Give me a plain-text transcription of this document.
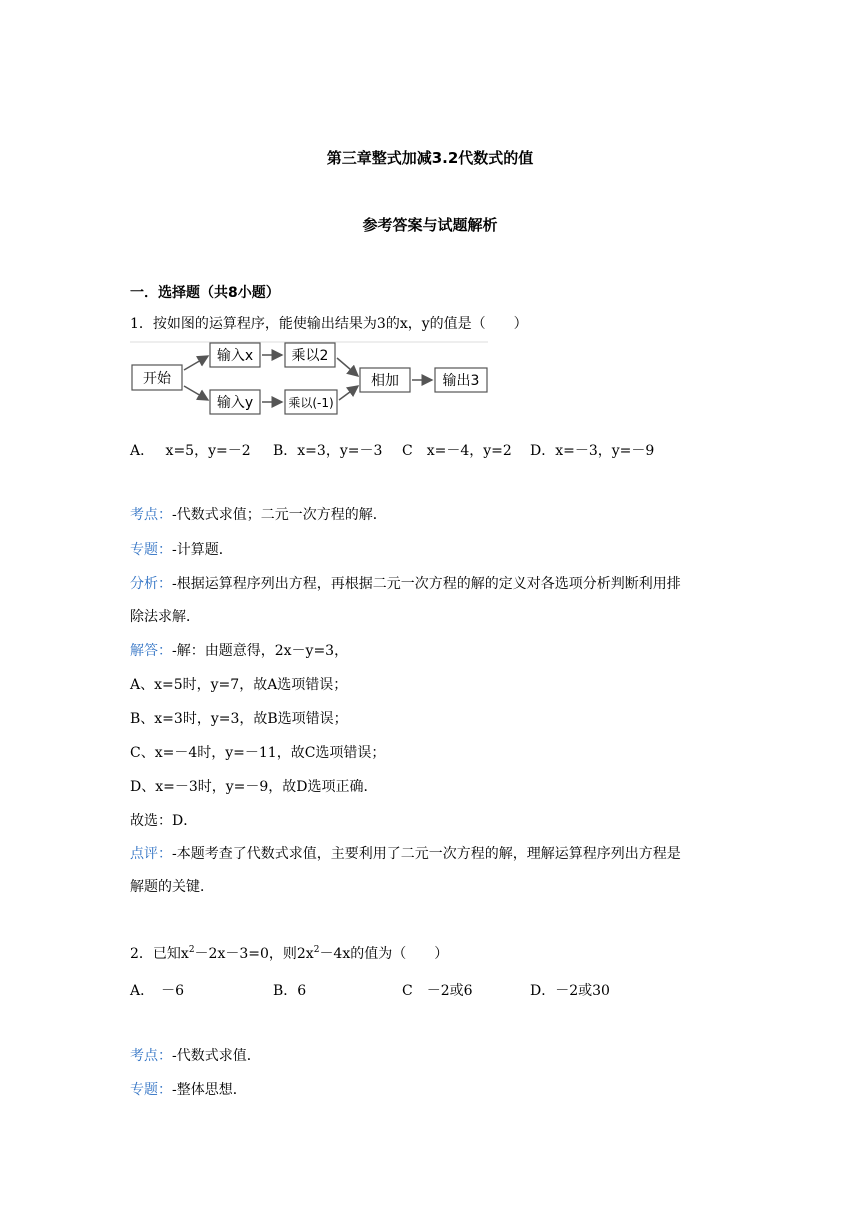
第三章整式加减3.2代数式的值
参考答案与试题解析
一．选择题（共8小题）
1．按如图的运算程序，能使输出结果为3的x，y的值是（　　）
开始
输入x	乘以2
输入y	乘以(-1)
相加	输出3
A．　 x=5，y=－2 B．x=3，y=－3 C　x=－4，y=2 D．x=－3，y=－9
考点：-代数式求值；二元一次方程的解．
专题：-计算题．
分析：-根据运算程序列出方程，再根据二元一次方程的解的定义对各选项分析判断利用排
除法求解．
解答：-解：由题意得，2x－y=3，
A、x=5时，y=7，故A选项错误；
B、x=3时，y=3，故B选项错误；
C、x=－4时，y=－11，故C选项错误；
D、x=－3时，y=－9，故D选项正确．
故选：D．
点评：-本题考查了代数式求值，主要利用了二元一次方程的解，理解运算程序列出方程是
解题的关键．
2．已知$x^2-2x-3=0$，则$2x^2-4x$的值为（　　）
A．　－6	B．6	C　－2或6	D．－2或30
考点：-代数式求值．
专题：-整体思想．
